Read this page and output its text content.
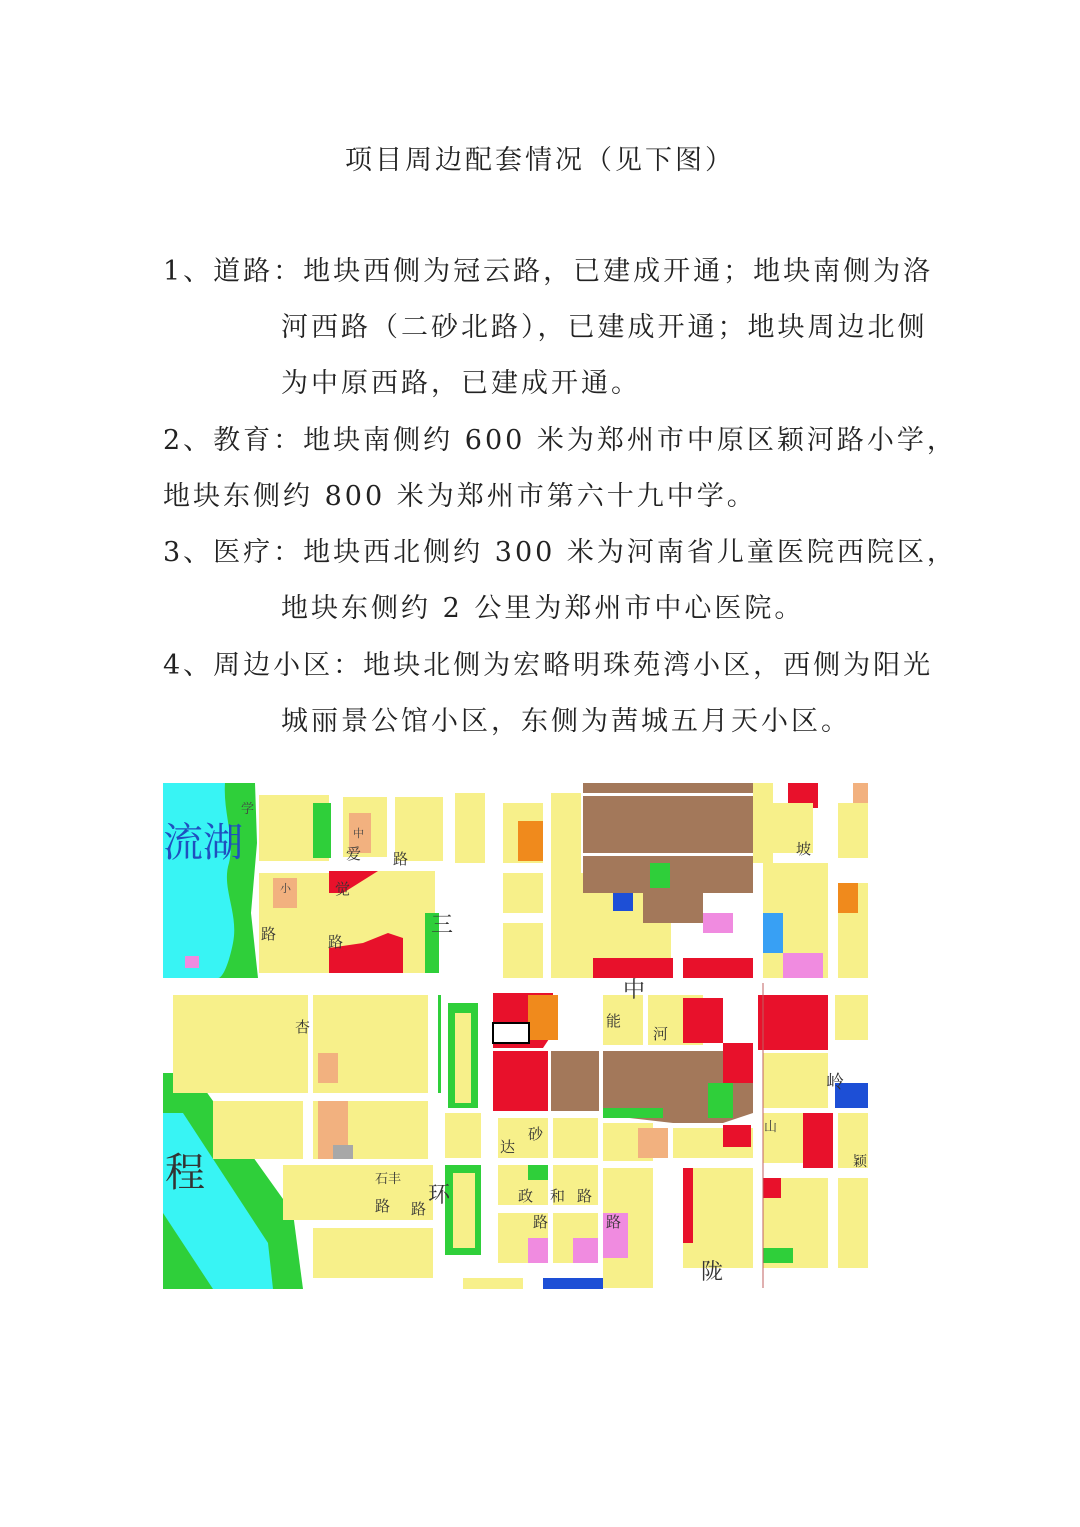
项目周边配套情况（见下图）
1、道路：地块西侧为冠云路，已建成开通；地块南侧为洛
河西路（二砂北路），已建成开通；地块周边北侧
为中原西路，已建成开通。
2、教育：地块南侧约 600 米为郑州市中原区颖河路小学，
地块东侧约 800 米为郑州市第六十九中学。
3、医疗：地块西北侧约 300 米为河南省儿童医院西院区，
地块东侧约 2 公里为郑州市中心医院。
4、周边小区：地块北侧为宏略明珠苑湾小区，西侧为阳光
城丽景公馆小区，东侧为茜城五月天小区。
流湖
程
爱 路
觉
路	路
杏
三
中
能
河
砂
达
环
石丰
路 路
政 和 路
路	路
陇
坡
岭
颖
学
山
小
中
